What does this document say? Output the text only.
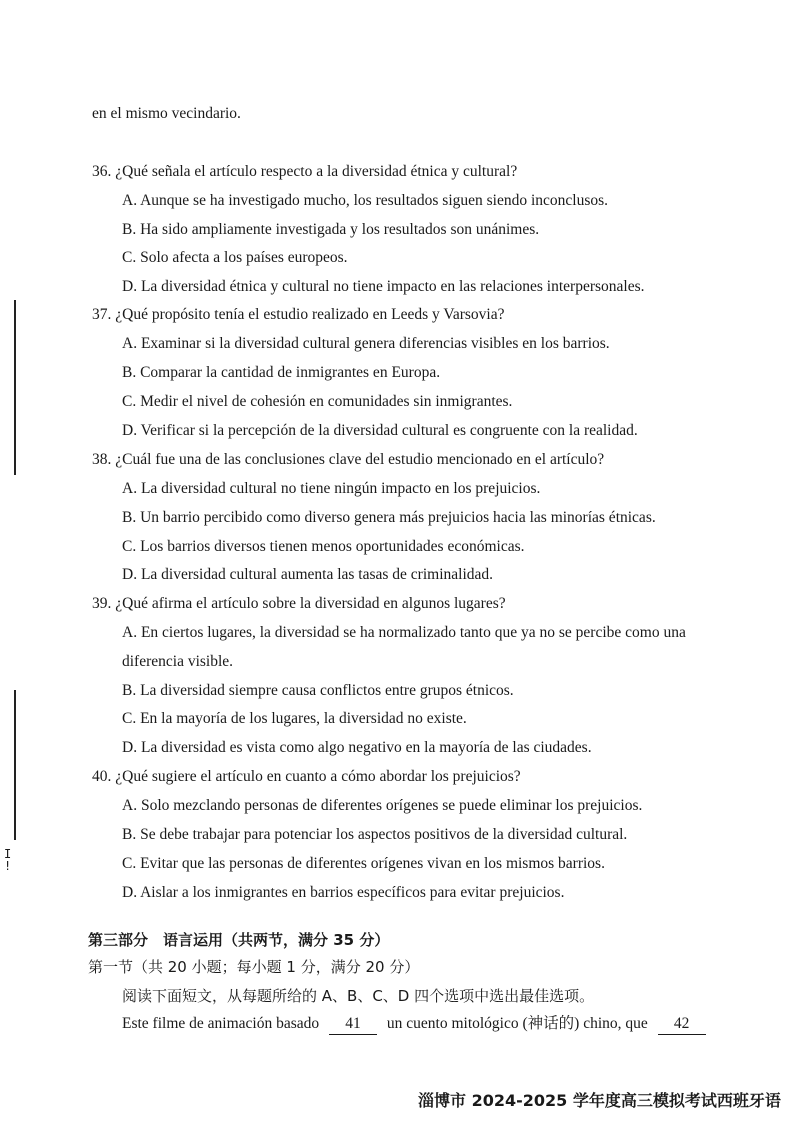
I
!
en el mismo vecindario.
36. ¿Qué señala el artículo respecto a la diversidad étnica y cultural?
A. Aunque se ha investigado mucho, los resultados siguen siendo inconclusos.
B. Ha sido ampliamente investigada y los resultados son unánimes.
C. Solo afecta a los países europeos.
D. La diversidad étnica y cultural no tiene impacto en las relaciones interpersonales.
37. ¿Qué propósito tenía el estudio realizado en Leeds y Varsovia?
A. Examinar si la diversidad cultural genera diferencias visibles en los barrios.
B. Comparar la cantidad de inmigrantes en Europa.
C. Medir el nivel de cohesión en comunidades sin inmigrantes.
D. Verificar si la percepción de la diversidad cultural es congruente con la realidad.
38. ¿Cuál fue una de las conclusiones clave del estudio mencionado en el artículo?
A. La diversidad cultural no tiene ningún impacto en los prejuicios.
B. Un barrio percibido como diverso genera más prejuicios hacia las minorías étnicas.
C. Los barrios diversos tienen menos oportunidades económicas.
D. La diversidad cultural aumenta las tasas de criminalidad.
39. ¿Qué afirma el artículo sobre la diversidad en algunos lugares?
A. En ciertos lugares, la diversidad se ha normalizado tanto que ya no se percibe como una
diferencia visible.
B. La diversidad siempre causa conflictos entre grupos étnicos.
C. En la mayoría de los lugares, la diversidad no existe.
D. La diversidad es vista como algo negativo en la mayoría de las ciudades.
40. ¿Qué sugiere el artículo en cuanto a cómo abordar los prejuicios?
A. Solo mezclando personas de diferentes orígenes se puede eliminar los prejuicios.
B. Se debe trabajar para potenciar los aspectos positivos de la diversidad cultural.
C. Evitar que las personas de diferentes orígenes vivan en los mismos barrios.
D. Aislar a los inmigrantes en barrios específicos para evitar prejuicios.
第三部分　语言运用（共两节，满分 35 分）
第一节（共 20 小题；每小题 1 分，满分 20 分）
阅读下面短文，从每题所给的 A、B、C、D 四个选项中选出最佳选项。
Este filme de animación basado 41 un cuento mitológico (神话的) chino, que 42
淄博市 2024-2025 学年度高三模拟考试西班牙语
